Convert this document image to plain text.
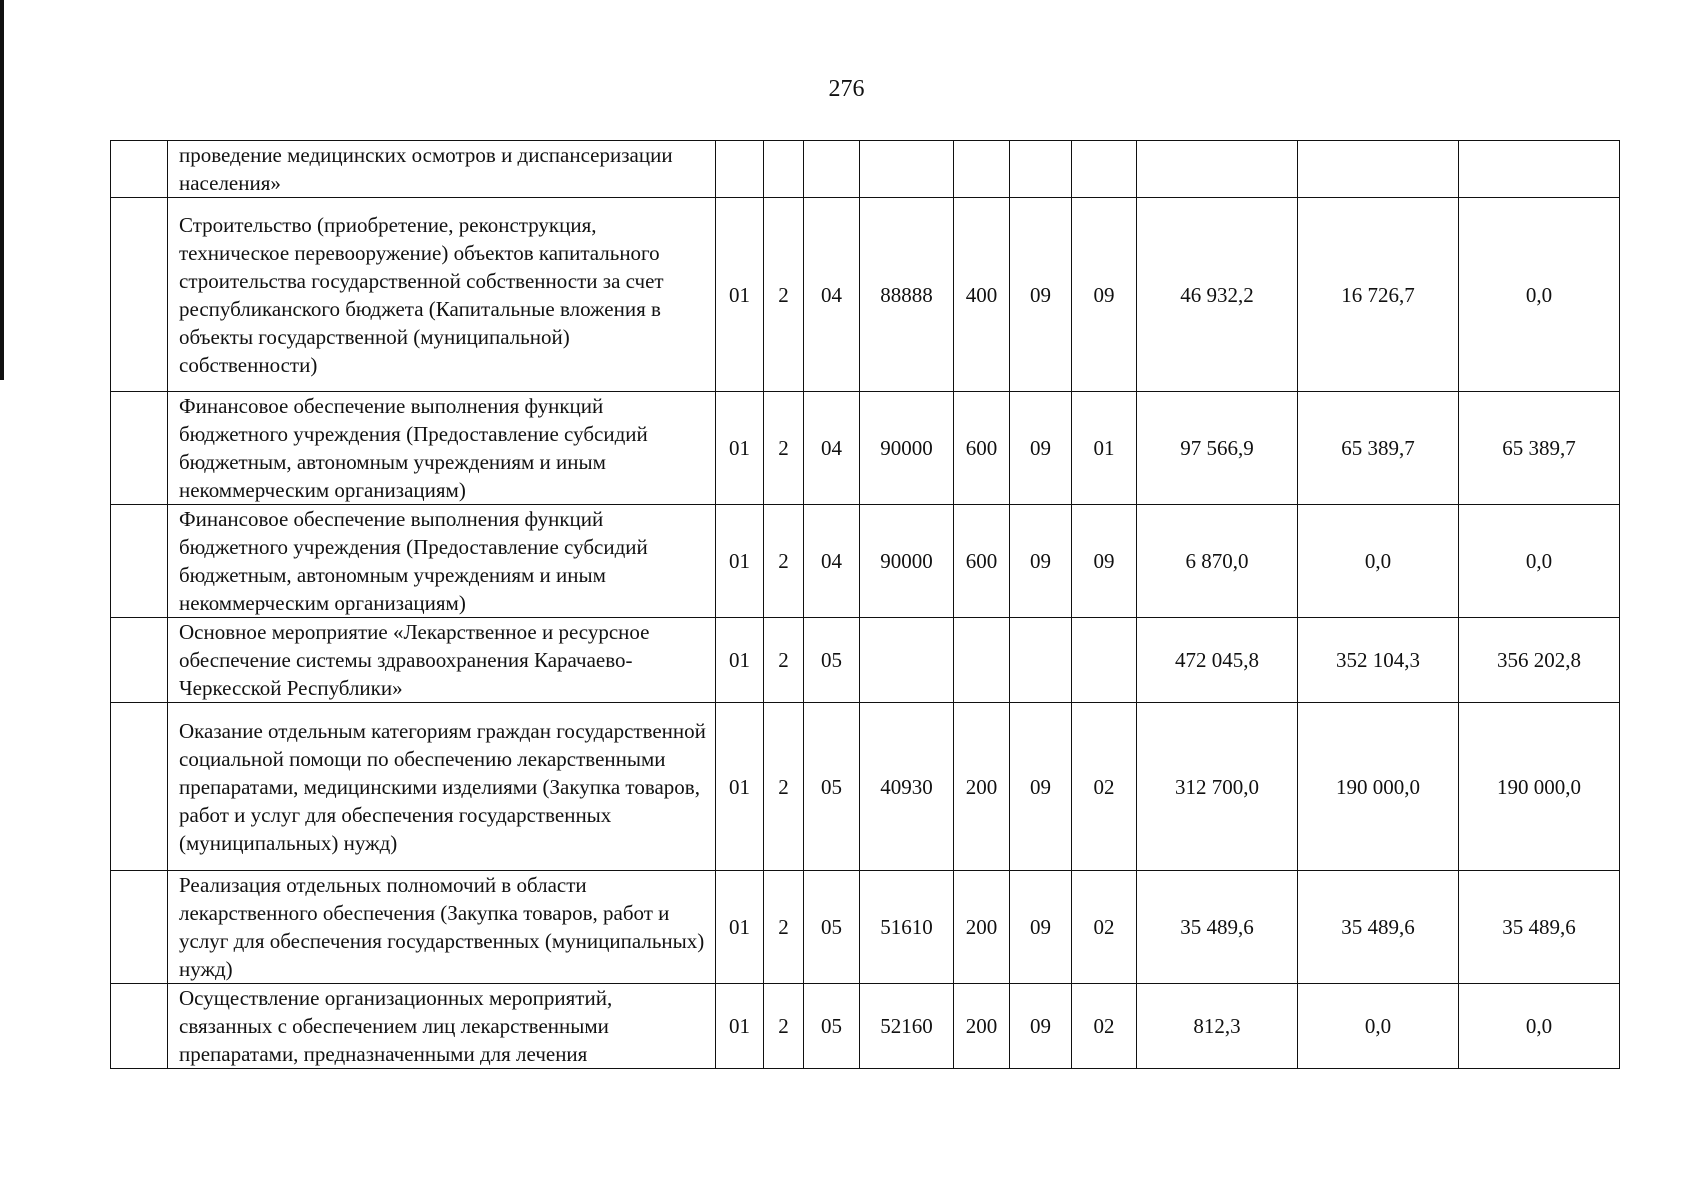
276
	проведение медицинских осмотров и диспансеризации населения»										
	Строительство (приобретение, реконструкция, техническое перевооружение) объектов капитального строительства государственной собственности за счет республиканского бюджета (Капитальные вложения в объекты государственной (муниципальной) собственности)	01	2	04	88888	400	09	09	46 932,2	16 726,7	0,0
	Финансовое обеспечение выполнения функций бюджетного учреждения (Предоставление субсидий бюджетным, автономным учреждениям и иным некоммерческим организациям)	01	2	04	90000	600	09	01	97 566,9	65 389,7	65 389,7
	Финансовое обеспечение выполнения функций бюджетного учреждения (Предоставление субсидий бюджетным, автономным учреждениям и иным некоммерческим организациям)	01	2	04	90000	600	09	09	6 870,0	0,0	0,0
	Основное мероприятие «Лекарственное и ресурсное обеспечение системы здравоохранения Карачаево-Черкесской Республики»	01	2	05					472 045,8	352 104,3	356 202,8
	Оказание отдельным категориям граждан государственной социальной помощи по обеспечению лекарственными препаратами, медицинскими изделиями (Закупка товаров, работ и услуг для обеспечения государственных (муниципальных) нужд)	01	2	05	40930	200	09	02	312 700,0	190 000,0	190 000,0
	Реализация отдельных полномочий в области лекарственного обеспечения (Закупка товаров, работ и услуг для обеспечения государственных (муниципальных) нужд)	01	2	05	51610	200	09	02	35 489,6	35 489,6	35 489,6
	Осуществление организационных мероприятий, связанных с обеспечением лиц лекарственными препаратами, предназначенными для лечения	01	2	05	52160	200	09	02	812,3	0,0	0,0
